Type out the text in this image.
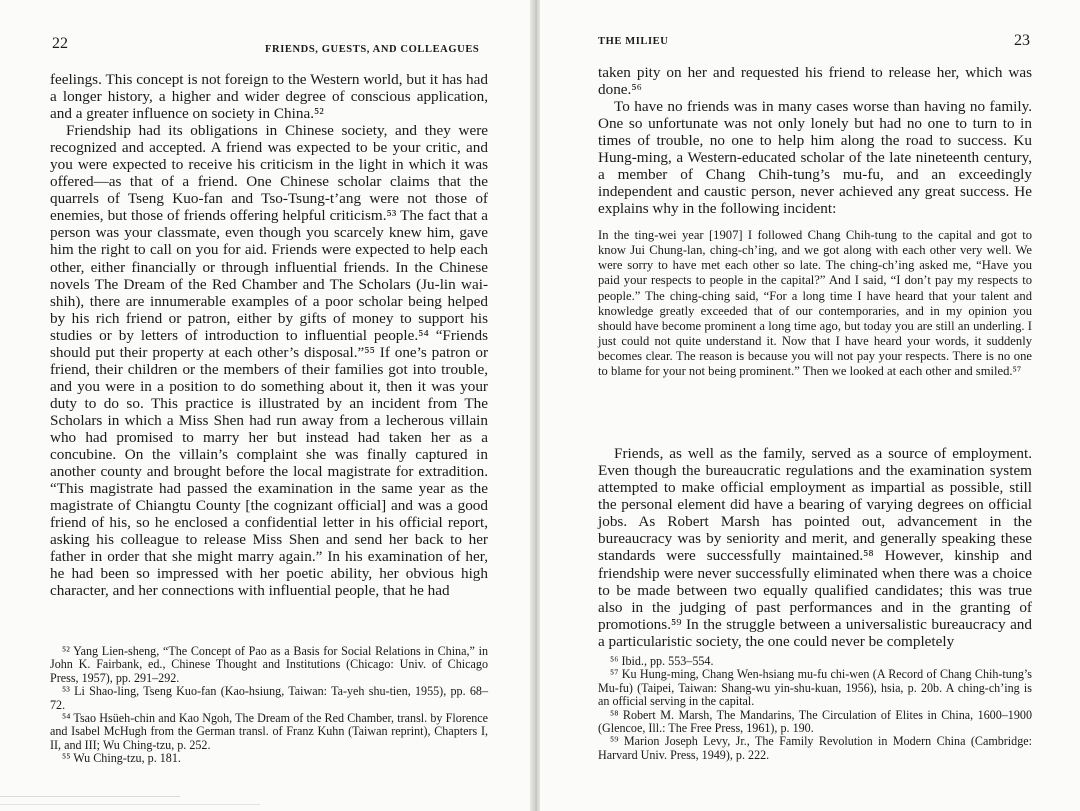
22	FRIENDS, GUESTS, AND COLLEAGUES

feelings. This concept is not foreign to the Western world, but it has had a longer history, a higher and wider degree of conscious application, and a greater influence on society in China.⁵²

Friendship had its obligations in Chinese society, and they were recognized and accepted. A friend was expected to be your critic, and you were expected to receive his criticism in the light in which it was offered—as that of a friend. One Chinese scholar claims that the quarrels of Tseng Kuo-fan and Tso-Tsung-t’ang were not those of enemies, but those of friends offering helpful criticism.⁵³ The fact that a person was your classmate, even though you scarcely knew him, gave him the right to call on you for aid. Friends were expected to help each other, either financially or through influential friends. In the Chinese novels The Dream of the Red Chamber and The Scholars (Ju-lin wai-shih), there are innumerable examples of a poor scholar being helped by his rich friend or patron, either by gifts of money to support his studies or by letters of introduction to influential people.⁵⁴ “Friends should put their property at each other’s disposal.”⁵⁵ If one’s patron or friend, their children or the members of their families got into trouble, and you were in a position to do something about it, then it was your duty to do so. This practice is illustrated by an incident from The Scholars in which a Miss Shen had run away from a lecherous villain who had promised to marry her but instead had taken her as a concubine. On the villain’s complaint she was finally captured in another county and brought before the local magistrate for extradition. “This magistrate had passed the examination in the same year as the magistrate of Chiangtu County [the cognizant official] and was a good friend of his, so he enclosed a confidential letter in his official report, asking his colleague to release Miss Shen and send her back to her father in order that she might marry again.” In his examination of her, he had been so impressed with her poetic ability, her obvious high character, and her connections with influential people, that he had

⁵² Yang Lien-sheng, “The Concept of Pao as a Basis for Social Relations in China,” in John K. Fairbank, ed., Chinese Thought and Institutions (Chicago: Univ. of Chicago Press, 1957), pp. 291–292.

⁵³ Li Shao-ling, Tseng Kuo-fan (Kao-hsiung, Taiwan: Ta-yeh shu-tien, 1955), pp. 68–72.

⁵⁴ Tsao Hsüeh-chin and Kao Ngoh, The Dream of the Red Chamber, transl. by Florence and Isabel McHugh from the German transl. of Franz Kuhn (Taiwan reprint), Chapters I, II, and III; Wu Ching-tzu, p. 252.

⁵⁵ Wu Ching-tzu, p. 181.

THE MILIEU	23

taken pity on her and requested his friend to release her, which was done.⁵⁶

To have no friends was in many cases worse than having no family. One so unfortunate was not only lonely but had no one to turn to in times of trouble, no one to help him along the road to success. Ku Hung-ming, a Western-educated scholar of the late nineteenth century, a member of Chang Chih-tung’s mu-fu, and an exceedingly independent and caustic person, never achieved any great success. He explains why in the following incident:

In the ting-wei year [1907] I followed Chang Chih-tung to the capital and got to know Jui Chung-lan, ching-ch’ing, and we got along with each other very well. We were sorry to have met each other so late. The ching-ch’ing asked me, “Have you paid your respects to people in the capital?” And I said, “I don’t pay my respects to people.” The ching-ching said, “For a long time I have heard that your talent and knowledge greatly exceeded that of our contemporaries, and in my opinion you should have become prominent a long time ago, but today you are still an underling. I just could not quite understand it. Now that I have heard your words, it suddenly becomes clear. The reason is because you will not pay your respects. There is no one to blame for your not being prominent.” Then we looked at each other and smiled.⁵⁷

Friends, as well as the family, served as a source of employment. Even though the bureaucratic regulations and the examination system attempted to make official employment as impartial as possible, still the personal element did have a bearing of varying degrees on official jobs. As Robert Marsh has pointed out, advancement in the bureaucracy was by seniority and merit, and generally speaking these standards were successfully maintained.⁵⁸ However, kinship and friendship were never successfully eliminated when there was a choice to be made between two equally qualified candidates; this was true also in the judging of past performances and in the granting of promotions.⁵⁹ In the struggle between a universalistic bureaucracy and a particularistic society, the one could never be completely

⁵⁶ Ibid., pp. 553–554.

⁵⁷ Ku Hung-ming, Chang Wen-hsiang mu-fu chi-wen (A Record of Chang Chih-tung’s Mu-fu) (Taipei, Taiwan: Shang-wu yin-shu-kuan, 1956), hsia, p. 20b. A ching-ch’ing is an official serving in the capital.

⁵⁸ Robert M. Marsh, The Mandarins, The Circulation of Elites in China, 1600–1900 (Glencoe, Ill.: The Free Press, 1961), p. 190.

⁵⁹ Marion Joseph Levy, Jr., The Family Revolution in Modern China (Cambridge: Harvard Univ. Press, 1949), p. 222.
